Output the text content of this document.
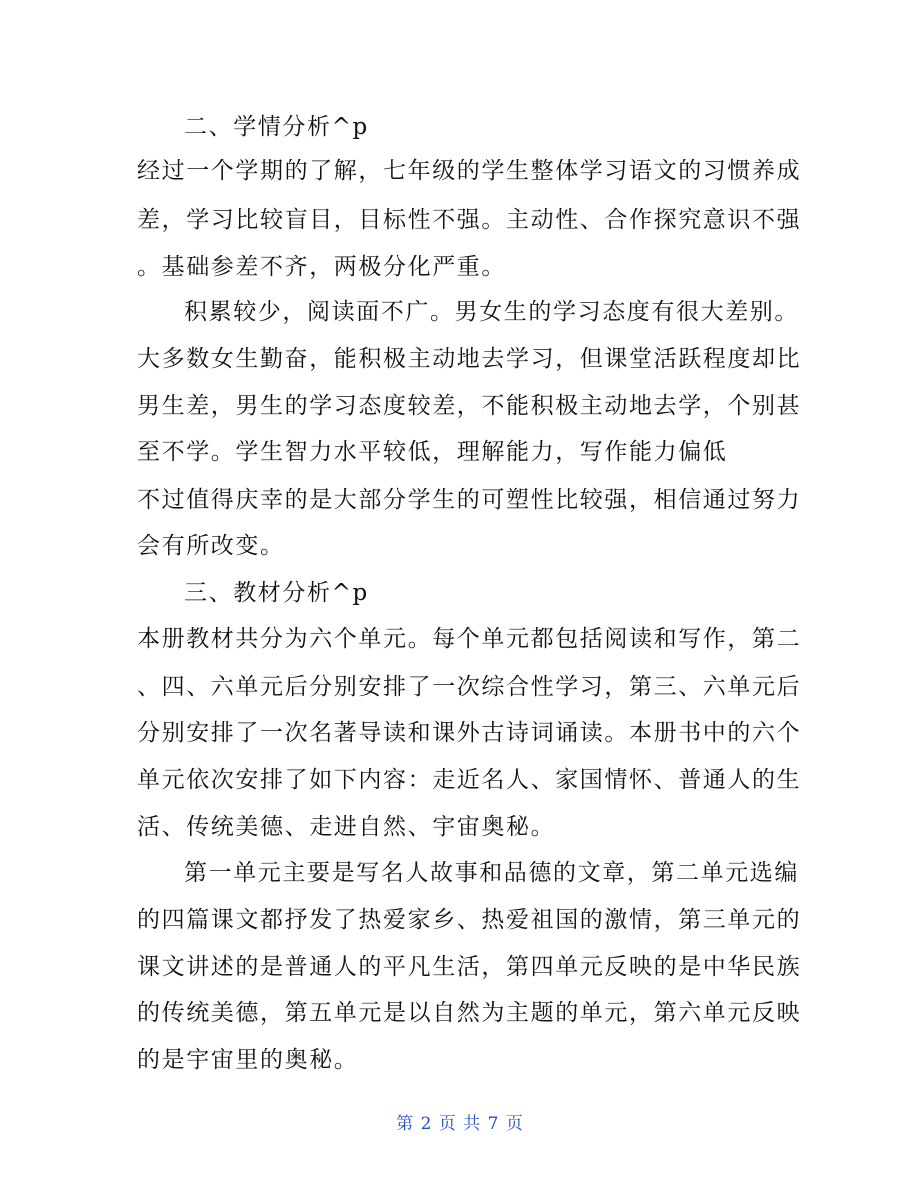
二、学情分析^p
经过一个学期的了解，七年级的学生整体学习语文的习惯养成
差，学习比较盲目，目标性不强。主动性、合作探究意识不强
。基础参差不齐，两极分化严重。
积累较少，阅读面不广。男女生的学习态度有很大差别。
大多数女生勤奋，能积极主动地去学习，但课堂活跃程度却比
男生差，男生的学习态度较差，不能积极主动地去学，个别甚
至不学。学生智力水平较低，理解能力，写作能力偏低
不过值得庆幸的是大部分学生的可塑性比较强，相信通过努力
会有所改变。
三、教材分析^p
本册教材共分为六个单元。每个单元都包括阅读和写作，第二
、四、六单元后分别安排了一次综合性学习，第三、六单元后
分别安排了一次名著导读和课外古诗词诵读。本册书中的六个
单元依次安排了如下内容：走近名人、家国情怀、普通人的生
活、传统美德、走进自然、宇宙奥秘。
第一单元主要是写名人故事和品德的文章，第二单元选编
的四篇课文都抒发了热爱家乡、热爱祖国的激情，第三单元的
课文讲述的是普通人的平凡生活，第四单元反映的是中华民族
的传统美德，第五单元是以自然为主题的单元，第六单元反映
的是宇宙里的奥秘。
第 2 页 共 7 页
